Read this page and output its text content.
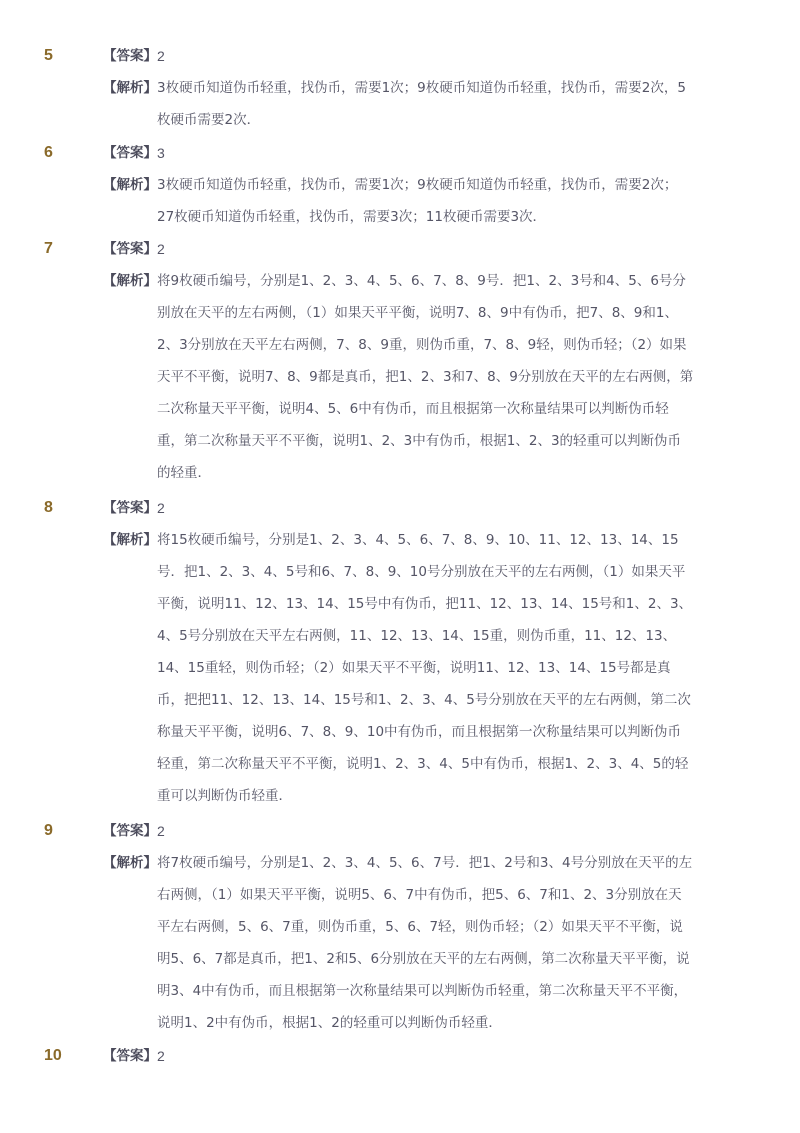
5	【答案】 2
【解析】 3枚硬币知道伪币轻重，找伪币，需要1次；9枚硬币知道伪币轻重，找伪币，需要2次，5

枚硬币需要2次．

6	【答案】 3
【解析】 3枚硬币知道伪币轻重，找伪币，需要1次；9枚硬币知道伪币轻重，找伪币，需要2次；

27枚硬币知道伪币轻重，找伪币，需要3次；11枚硬币需要3次．

7	【答案】 2
【解析】 将9枚硬币编号，分别是1、2、3、4、5、6、7、8、9号．把1、2、3号和4、5、6号分

别放在天平的左右两侧，（1）如果天平平衡，说明7、8、9中有伪币，把7、8、9和1、

2、3分别放在天平左右两侧，7、8、9重，则伪币重，7、8、9轻，则伪币轻；（2）如果

天平不平衡，说明7、8、9都是真币，把1、2、3和7、8、9分别放在天平的左右两侧，第

二次称量天平平衡，说明4、5、6中有伪币，而且根据第一次称量结果可以判断伪币轻

重，第二次称量天平不平衡，说明1、2、3中有伪币，根据1、2、3的轻重可以判断伪币

的轻重．

8	【答案】 2
【解析】 将15枚硬币编号，分别是1、2、3、4、5、6、7、8、9、10、11、12、13、14、15

号．把1、2、3、4、5号和6、7、8、9、10号分别放在天平的左右两侧，（1）如果天平

平衡，说明11、12、13、14、15号中有伪币，把11、12、13、14、15号和1、2、3、

4、5号分别放在天平左右两侧，11、12、13、14、15重，则伪币重，11、12、13、

14、15重轻，则伪币轻；（2）如果天平不平衡，说明11、12、13、14、15号都是真

币，把把11、12、13、14、15号和1、2、3、4、5号分别放在天平的左右两侧，第二次

称量天平平衡，说明6、7、8、9、10中有伪币，而且根据第一次称量结果可以判断伪币

轻重，第二次称量天平不平衡，说明1、2、3、4、5中有伪币，根据1、2、3、4、5的轻

重可以判断伪币轻重．

9	【答案】 2
【解析】 将7枚硬币编号，分别是1、2、3、4、5、6、7号．把1、2号和3、4号分别放在天平的左

右两侧，（1）如果天平平衡，说明5、6、7中有伪币，把5、6、7和1、2、3分别放在天

平左右两侧，5、6、7重，则伪币重，5、6、7轻，则伪币轻；（2）如果天平不平衡，说

明5、6、7都是真币，把1、2和5、6分别放在天平的左右两侧，第二次称量天平平衡，说

明3、4中有伪币，而且根据第一次称量结果可以判断伪币轻重，第二次称量天平不平衡，

说明1、2中有伪币，根据1、2的轻重可以判断伪币轻重．

10	【答案】 2
